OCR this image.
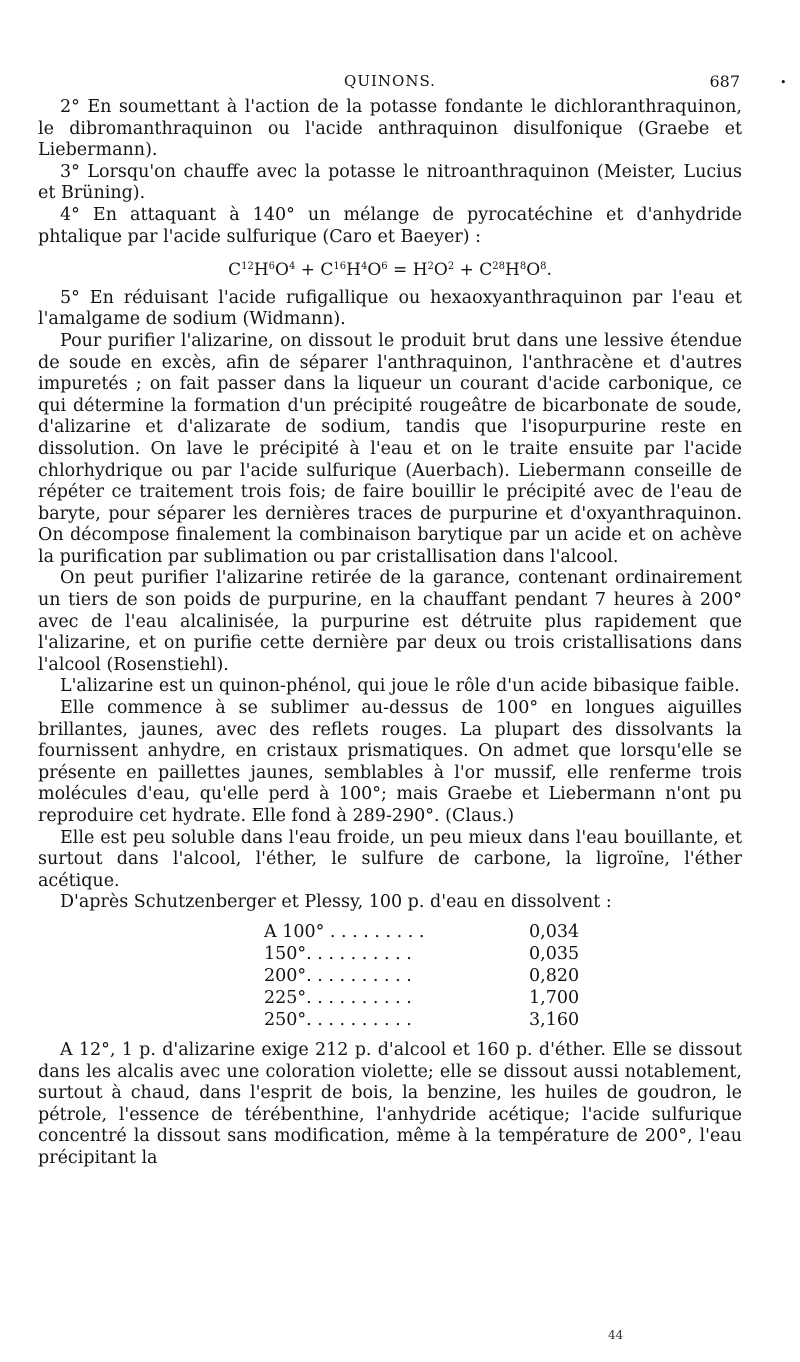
QUINONS.	687	•

2° En soumettant à l'action de la potasse fondante le dichloranthraquinon, le dibromanthraquinon ou l'acide anthraquinon disulfonique (Graebe et Liebermann).

3° Lorsqu'on chauffe avec la potasse le nitroanthraquinon (Meister, Lucius et Brüning).

4° En attaquant à 140° un mélange de pyrocatéchine et d'anhydride phtalique par l'acide sulfurique (Caro et Baeyer) :

$C^{12}H^6O^4 + C^{16}H^4O^6 = H^2O^2 + C^{28}H^8O^8$.

5° En réduisant l'acide rufigallique ou hexaoxyanthraquinon par l'eau et l'amalgame de sodium (Widmann).

Pour purifier l'alizarine, on dissout le produit brut dans une lessive étendue de soude en excès, afin de séparer l'anthraquinon, l'anthracène et d'autres impuretés ; on fait passer dans la liqueur un courant d'acide carbonique, ce qui détermine la formation d'un précipité rougeâtre de bicarbonate de soude, d'alizarine et d'alizarate de sodium, tandis que l'isopurpurine reste en dissolution. On lave le précipité à l'eau et on le traite ensuite par l'acide chlorhydrique ou par l'acide sulfurique (Auerbach). Liebermann conseille de répéter ce traitement trois fois; de faire bouillir le précipité avec de l'eau de baryte, pour séparer les dernières traces de purpurine et d'oxyanthraquinon. On décompose finalement la combinaison barytique par un acide et on achève la purification par sublimation ou par cristallisation dans l'alcool.

On peut purifier l'alizarine retirée de la garance, contenant ordinairement un tiers de son poids de purpurine, en la chauffant pendant 7 heures à 200° avec de l'eau alcalinisée, la purpurine est détruite plus rapidement que l'alizarine, et on purifie cette dernière par deux ou trois cristallisations dans l'alcool (Rosenstiehl).

L'alizarine est un quinon-phénol, qui joue le rôle d'un acide bibasique faible.

Elle commence à se sublimer au-dessus de 100° en longues aiguilles brillantes, jaunes, avec des reflets rouges. La plupart des dissolvants la fournissent anhydre, en cristaux prismatiques. On admet que lorsqu'elle se présente en paillettes jaunes, semblables à l'or mussif, elle renferme trois molécules d'eau, qu'elle perd à 100°; mais Graebe et Liebermann n'ont pu reproduire cet hydrate. Elle fond à 289-290°. (Claus.)

Elle est peu soluble dans l'eau froide, un peu mieux dans l'eau bouillante, et surtout dans l'alcool, l'éther, le sulfure de carbone, la ligroïne, l'éther acétique.

D'après Schutzenberger et Plessy, 100 p. d'eau en dissolvent :

A 100° . . . . . . . . .	0,034
150°. . . . . . . . . .	0,035
200°. . . . . . . . . .	0,820
225°. . . . . . . . . .	1,700
250°. . . . . . . . . .	3,160

A 12°, 1 p. d'alizarine exige 212 p. d'alcool et 160 p. d'éther. Elle se dissout dans les alcalis avec une coloration violette; elle se dissout aussi notablement, surtout à chaud, dans l'esprit de bois, la benzine, les huiles de goudron, le pétrole, l'essence de térébenthine, l'anhydride acétique; l'acide sulfurique concentré la dissout sans modification, même à la température de 200°, l'eau précipitant la

44
